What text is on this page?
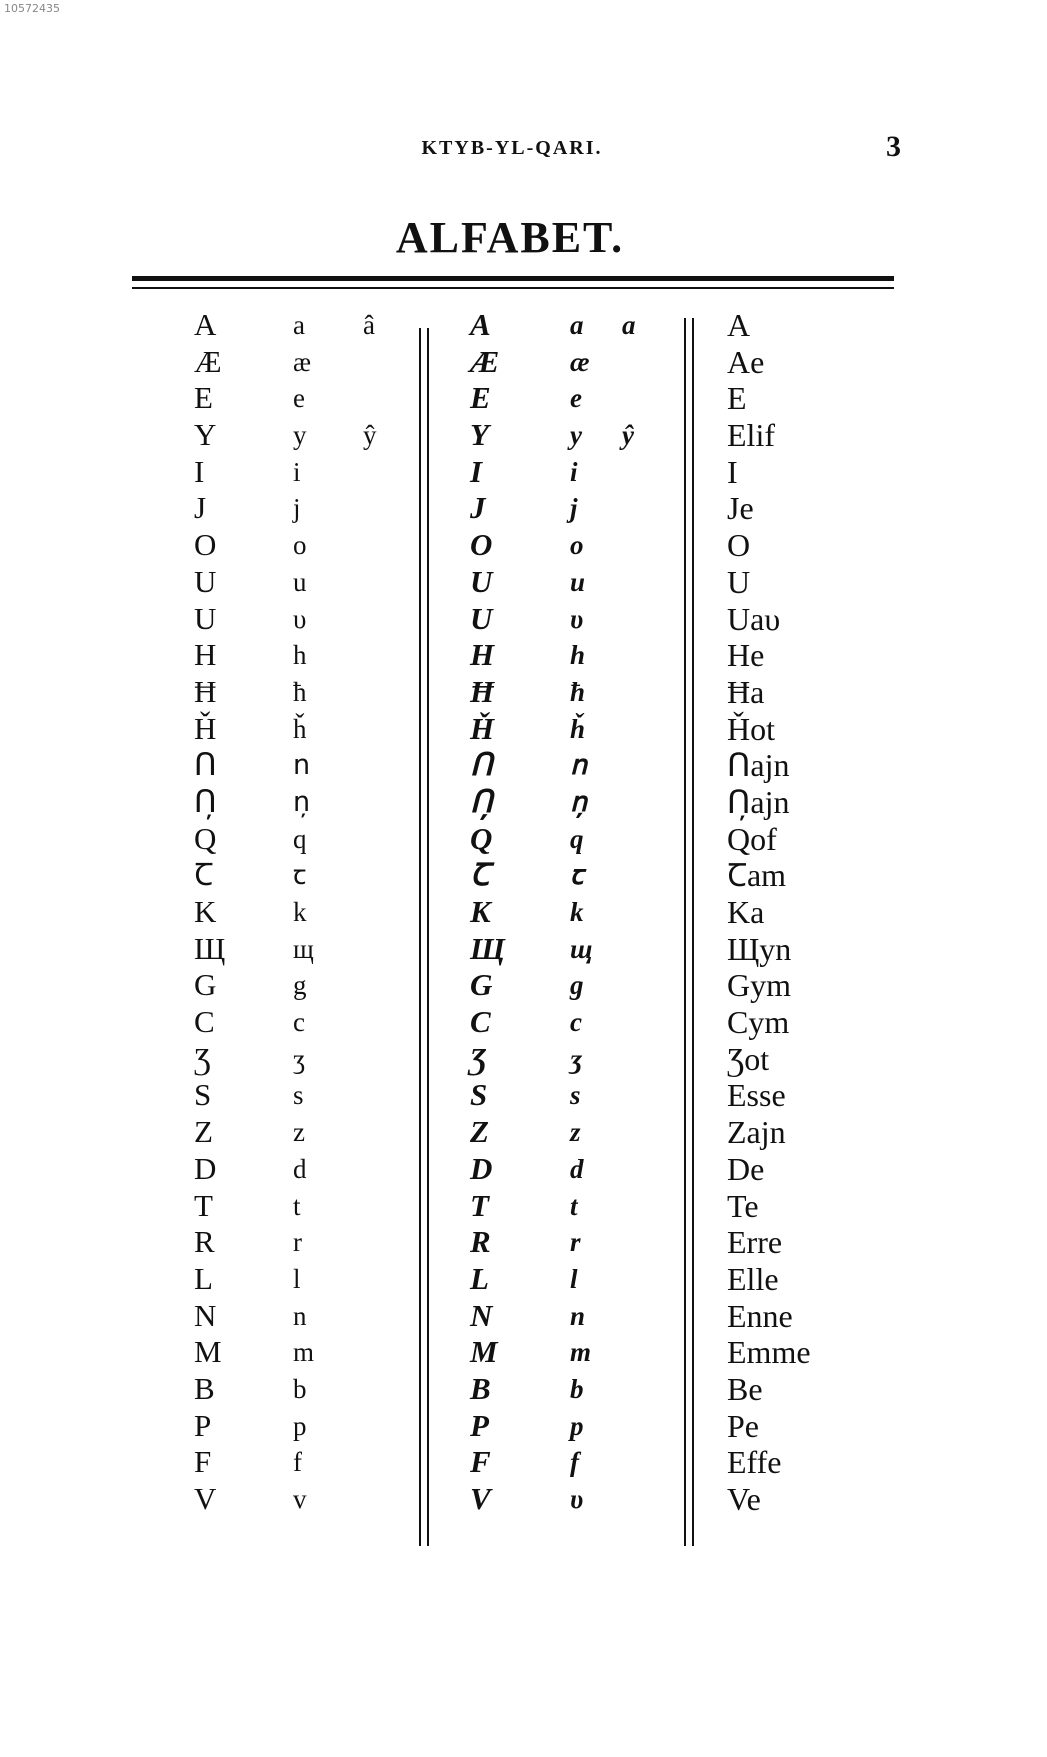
10572435
KTYB-YL-QARI.	3
ALFABET.
A	a â	A	a a	A
Æ	æ	Æ	æ	Ae
E	e	E	e	E
Y	y ŷ	Y	y ŷ	Elif
I	i	I	i	I
J	j	J	j	Je
O	o	O	o	O
U	u	U	u	U
U	υ	U	υ	Uaυ
H	h	H	h	He
Ħ	ħ	Ħ	ħ	Ħa
Ȟ	ȟ	Ȟ	ȟ	Ȟot
Ո	ո	Ո	ո	Ոajn
Ո̦	ո̦	Ո̦	ո̦	Ո̦ajn
Q	q	Q	q	Qof
Ꞇ	ꞇ	Ꞇ	ꞇ	Ꞇam
K	k	K	k	Ka
Щ	щ	Щ щ	Щyn
G	g	G	g	Gym
C	c	C	c	Cym
Ʒ	ʒ	Ʒ	ʒ	Ʒot
S	s	S	s	Esse
Z	z	Z	z	Zajn
D	d	D	d	De
T	t	T	t	Te
R	r	R	r	Erre
L	l	L	l	Elle
N	n	N	n	Enne
M	m	M	m	Emme
B	b	B	b	Be
P	p	P	p	Pe
F	f	F	f	Effe
V	v	V	υ	Ve
